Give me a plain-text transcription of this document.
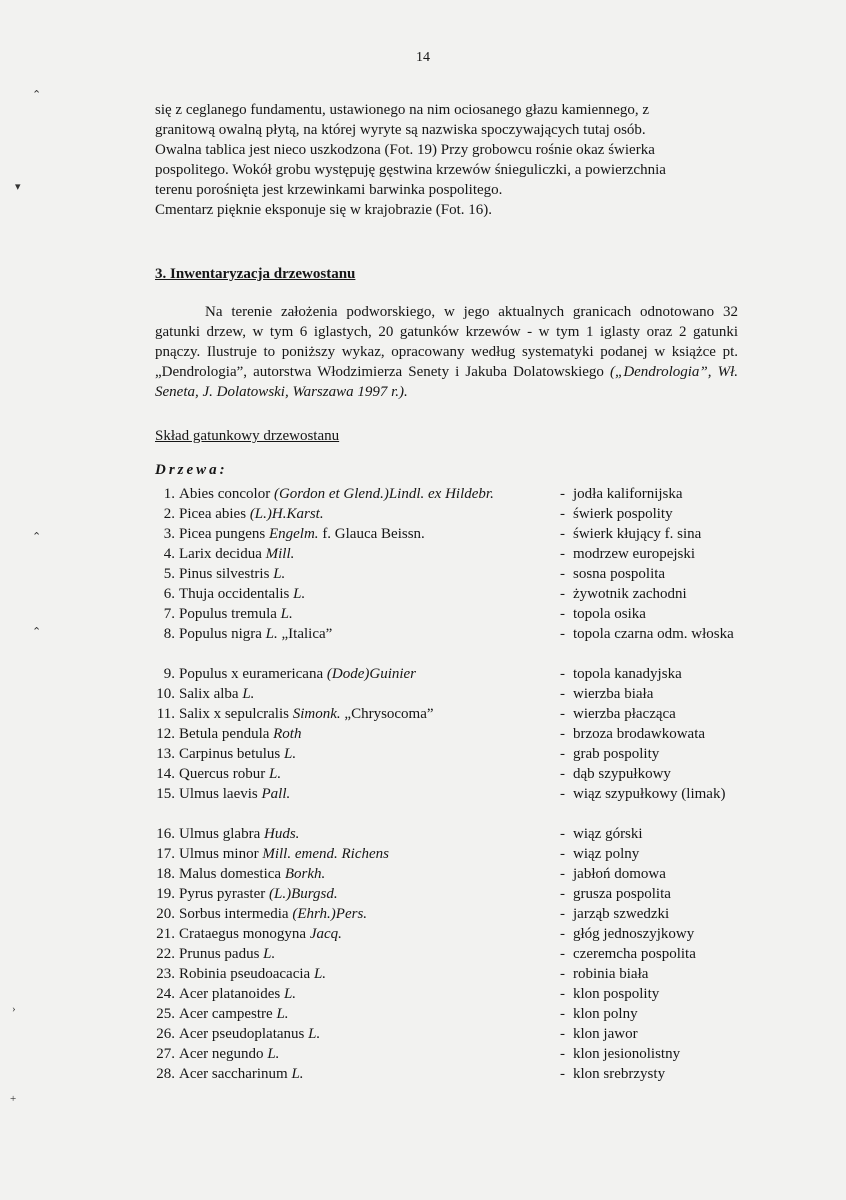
14

się z ceglanego fundamentu, ustawionego na nim ociosanego głazu kamiennego, z

granitową owalną płytą, na której wyryte są nazwiska spoczywających tutaj osób.

Owalna tablica jest nieco uszkodzona (Fot. 19) Przy grobowcu rośnie okaz świerka

pospolitego. Wokół grobu występuję gęstwina krzewów śnieguliczki, a powierzchnia

terenu porośnięta jest krzewinkami barwinka pospolitego.

Cmentarz pięknie eksponuje się w krajobrazie (Fot. 16).

3. Inwentaryzacja drzewostanu
Na terenie założenia podworskiego, w jego aktualnych granicach odnotowano 32 gatunki drzew, w tym 6 iglastych, 20 gatunków krzewów - w tym 1 iglasty oraz 2 gatunki pnączy. Ilustruje to poniższy wykaz, opracowany według systematyki podanej w książce pt. „Dendrologia”, autorstwa Włodzimierza Senety i Jakuba Dolatowskiego („Dendrologia”, Wł. Seneta, J. Dolatowski, Warszawa 1997 r.).
Skład gatunkowy drzewostanu
Drzewa:
1. Abies concolor (Gordon et Glend.)Lindl. ex Hildebr.	- jodła kalifornijska
2. Picea abies (L.)H.Karst.	- świerk pospolity
3. Picea pungens Engelm. f. Glauca Beissn.	- świerk kłujący f. sina
4. Larix decidua Mill.	- modrzew europejski
5. Pinus silvestris L.	- sosna pospolita
6. Thuja occidentalis L.	- żywotnik zachodni
7. Populus tremula L.	- topola osika
8. Populus nigra L. „Italica”	- topola czarna odm. włoska
9. Populus x euramericana (Dode)Guinier	- topola kanadyjska
10. Salix alba L.	- wierzba biała
11. Salix x sepulcralis Simonk. „Chrysocoma”	- wierzba płacząca
12. Betula pendula Roth	- brzoza brodawkowata
13. Carpinus betulus L.	- grab pospolity
14. Quercus robur L.	- dąb szypułkowy
15. Ulmus laevis Pall.	- wiąz szypułkowy (limak)
16. Ulmus glabra Huds.	- wiąz górski
17. Ulmus minor Mill. emend. Richens	- wiąz polny
18. Malus domestica Borkh.	- jabłoń domowa
19. Pyrus pyraster (L.)Burgsd.	- grusza pospolita
20. Sorbus intermedia (Ehrh.)Pers.	- jarząb szwedzki
21. Crataegus monogyna Jacq.	- głóg jednoszyjkowy
22. Prunus padus L.	- czeremcha pospolita
23. Robinia pseudoacacia L.	- robinia biała
24. Acer platanoides L.	- klon pospolity
25. Acer campestre L.	- klon polny
26. Acer pseudoplatanus L.	- klon jawor
27. Acer negundo L.	- klon jesionolistny
28. Acer saccharinum L.	- klon srebrzysty
⌃
▾
⌃
⌃
›
+
